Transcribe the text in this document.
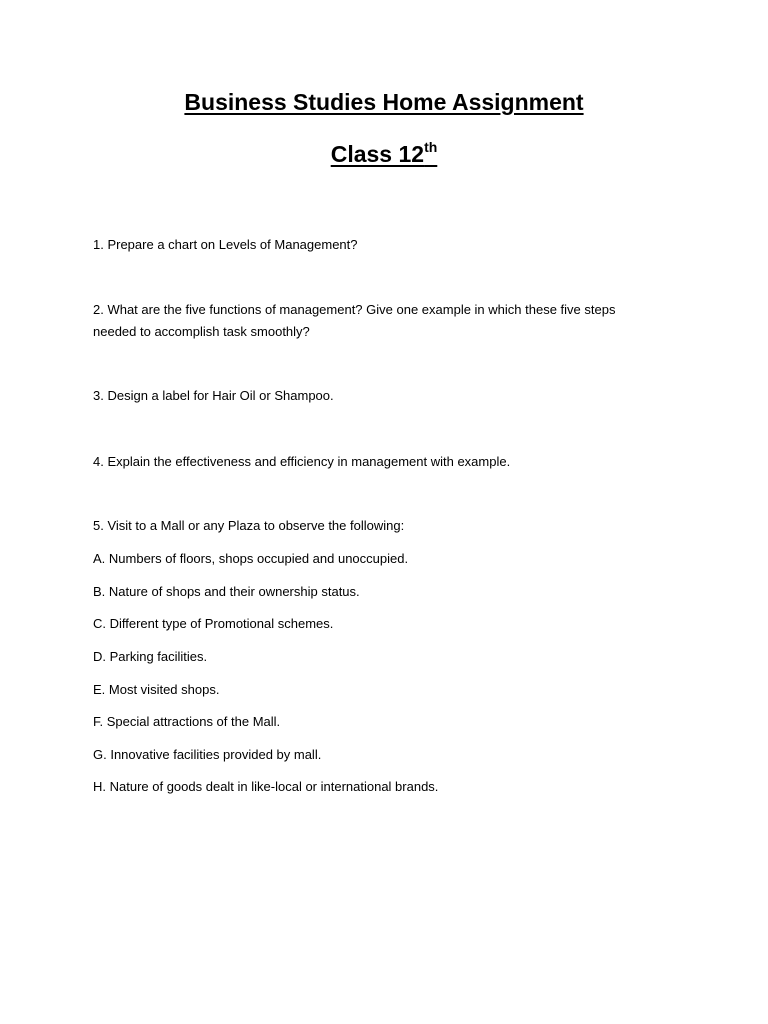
Business Studies Home Assignment
Class 12th

1. Prepare a chart on Levels of Management?

2. What are the five functions of management? Give one example in which these five steps

needed to accomplish task smoothly?

3. Design a label for Hair Oil or Shampoo.

4. Explain the effectiveness and efficiency in management with example.

5. Visit to a Mall or any Plaza to observe the following:

A. Numbers of floors, shops occupied and unoccupied.

B. Nature of shops and their ownership status.

C. Different type of Promotional schemes.

D. Parking facilities.

E. Most visited shops.

F. Special attractions of the Mall.

G. Innovative facilities provided by mall.

H. Nature of goods dealt in like-local or international brands.
